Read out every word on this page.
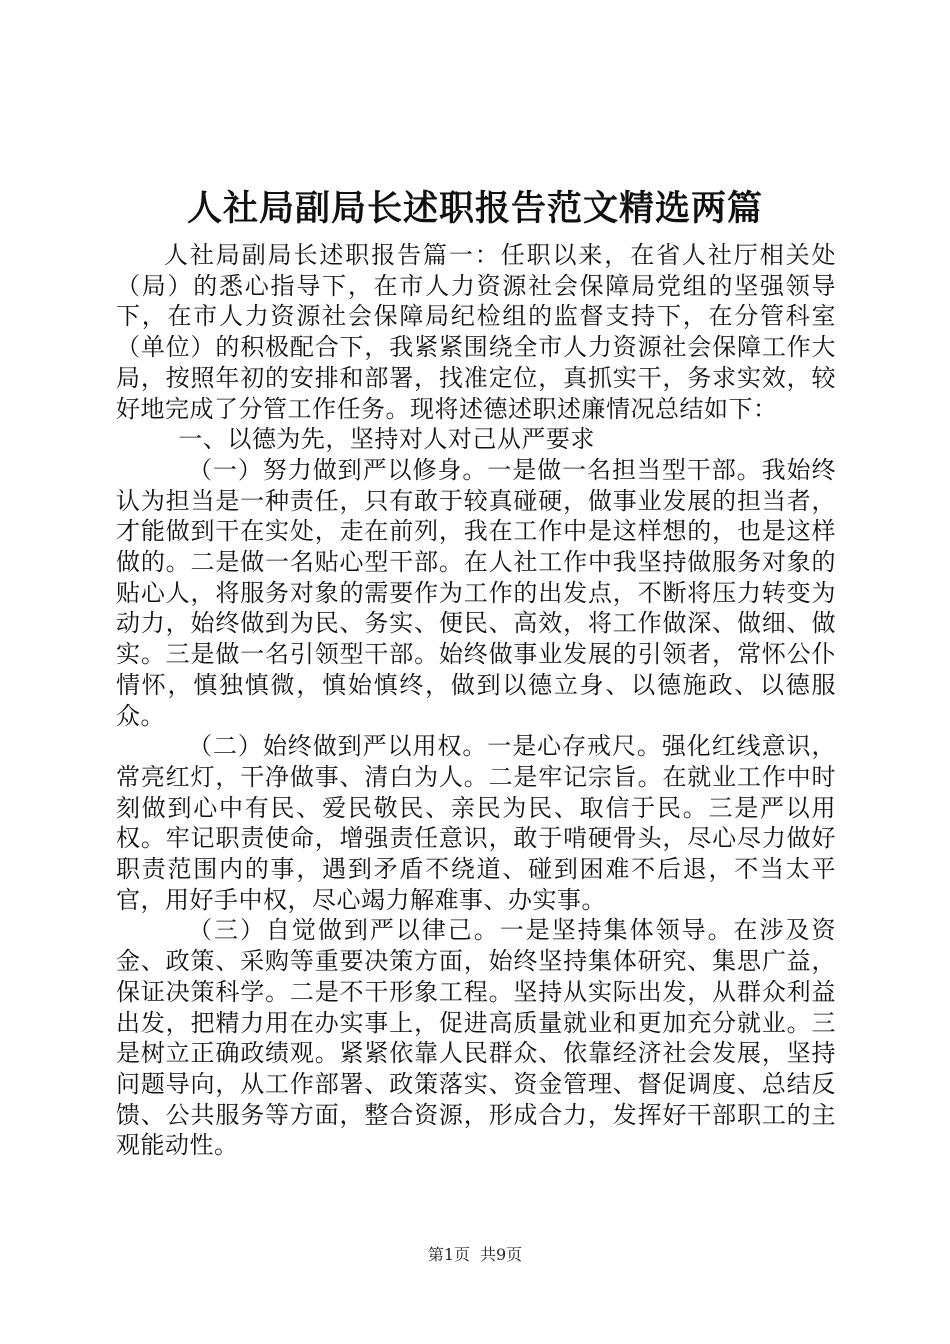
人社局副局长述职报告范文精选两篇

人社局副局长述职报告篇一：任职以来，在省人社厅相关处（局）的悉心指导下，在市人力资源社会保障局党组的坚强领导下，在市人力资源社会保障局纪检组的监督支持下，在分管科室（单位）的积极配合下，我紧紧围绕全市人力资源社会保障工作大局，按照年初的安排和部署，找准定位，真抓实干，务求实效，较好地完成了分管工作任务。现将述德述职述廉情况总结如下：

一、以德为先，坚持对人对己从严要求

（一）努力做到严以修身。一是做一名担当型干部。我始终认为担当是一种责任，只有敢于较真碰硬，做事业发展的担当者，才能做到干在实处，走在前列，我在工作中是这样想的，也是这样做的。二是做一名贴心型干部。在人社工作中我坚持做服务对象的贴心人，将服务对象的需要作为工作的出发点，不断将压力转变为动力，始终做到为民、务实、便民、高效，将工作做深、做细、做实。三是做一名引领型干部。始终做事业发展的引领者，常怀公仆情怀，慎独慎微，慎始慎终，做到以德立身、以德施政、以德服众。

（二）始终做到严以用权。一是心存戒尺。强化红线意识，常亮红灯，干净做事、清白为人。二是牢记宗旨。在就业工作中时刻做到心中有民、爱民敬民、亲民为民、取信于民。三是严以用权。牢记职责使命，增强责任意识，敢于啃硬骨头，尽心尽力做好职责范围内的事，遇到矛盾不绕道、碰到困难不后退，不当太平官，用好手中权，尽心竭力解难事、办实事。

（三）自觉做到严以律己。一是坚持集体领导。在涉及资金、政策、采购等重要决策方面，始终坚持集体研究、集思广益，保证决策科学。二是不干形象工程。坚持从实际出发，从群众利益出发，把精力用在办实事上，促进高质量就业和更加充分就业。三是树立正确政绩观。紧紧依靠人民群众、依靠经济社会发展，坚持问题导向，从工作部署、政策落实、资金管理、督促调度、总结反馈、公共服务等方面，整合资源，形成合力，发挥好干部职工的主观能动性。

第1页 共9页
